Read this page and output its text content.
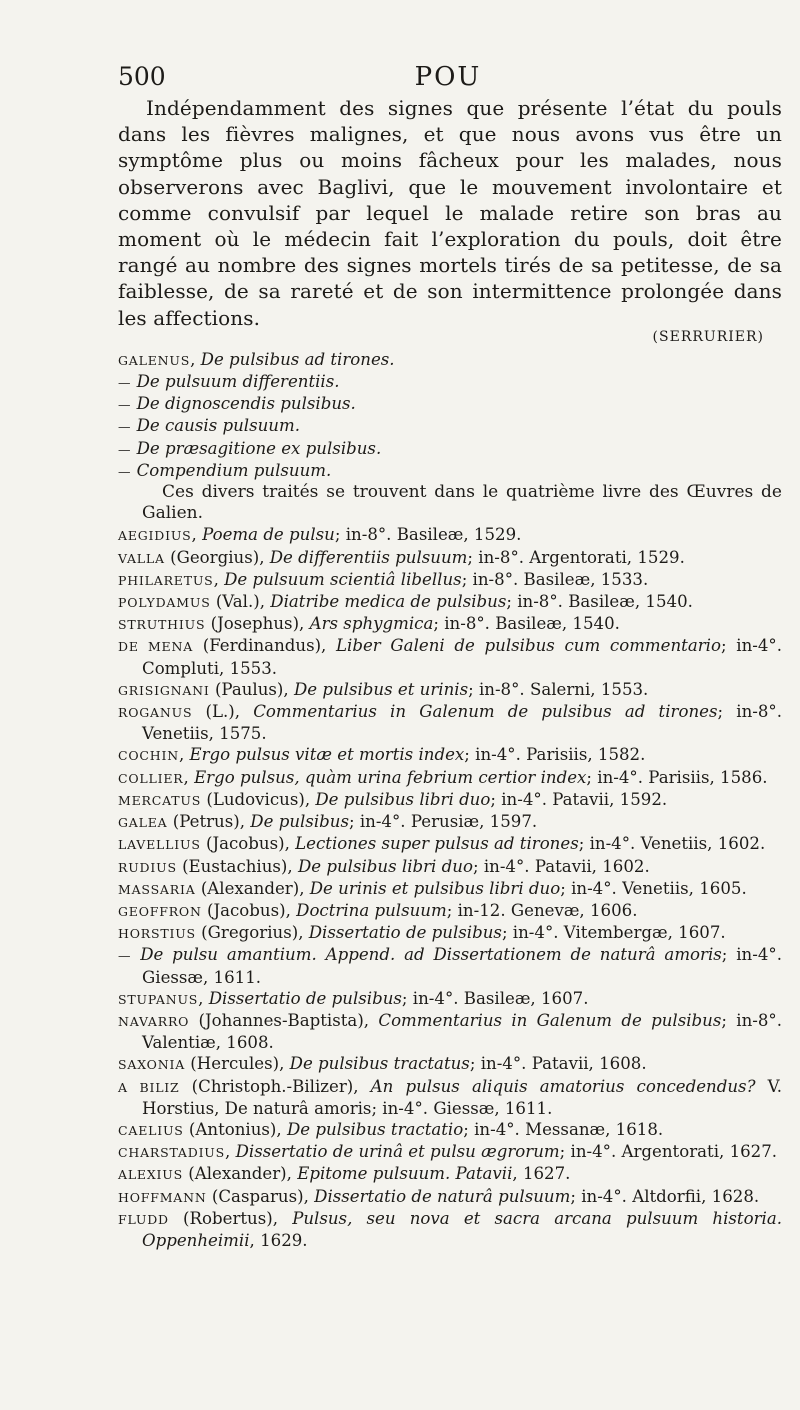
500	POU

Indépendamment des signes que présente l’état du pouls dans les fièvres malignes, et que nous avons vus être un symptôme plus ou moins fâcheux pour les malades, nous observerons avec Baglivi, que le mouvement involontaire et comme convulsif par lequel le malade retire son bras au moment où le médecin fait l’exploration du pouls, doit être rangé au nombre des signes mortels tirés de sa petitesse, de sa faiblesse, de sa rareté et de son intermittence prolongée dans les affections.

(SERRURIER)
GALENUS, De pulsibus ad tirones.
— De pulsuum differentiis.
— De dignoscendis pulsibus.
— De causis pulsuum.
— De præsagitione ex pulsibus.
— Compendium pulsuum.
Ces divers traités se trouvent dans le quatrième livre des Œuvres de Galien.
AEGIDIUS, Poema de pulsu; in-8°. Basileæ, 1529.
VALLA (Georgius), De differentiis pulsuum; in-8°. Argentorati, 1529.
PHILARETUS, De pulsuum scientiâ libellus; in-8°. Basileæ, 1533.
POLYDAMUS (Val.), Diatribe medica de pulsibus; in-8°. Basileæ, 1540.
STRUTHIUS (Josephus), Ars sphygmica; in-8°. Basileæ, 1540.
DE MENA (Ferdinandus), Liber Galeni de pulsibus cum commentario; in-4°. Compluti, 1553.
GRISIGNANI (Paulus), De pulsibus et urinis; in-8°. Salerni, 1553.
ROGANUS (L.), Commentarius in Galenum de pulsibus ad tirones; in-8°. Venetiis, 1575.
COCHIN, Ergo pulsus vitæ et mortis index; in-4°. Parisiis, 1582.
COLLIER, Ergo pulsus, quàm urina febrium certior index; in-4°. Parisiis, 1586.
MERCATUS (Ludovicus), De pulsibus libri duo; in-4°. Patavii, 1592.
GALEA (Petrus), De pulsibus; in-4°. Perusiæ, 1597.
LAVELLIUS (Jacobus), Lectiones super pulsus ad tirones; in-4°. Venetiis, 1602.
RUDIUS (Eustachius), De pulsibus libri duo; in-4°. Patavii, 1602.
MASSARIA (Alexander), De urinis et pulsibus libri duo; in-4°. Venetiis, 1605.
GEOFFRON (Jacobus), Doctrina pulsuum; in-12. Genevæ, 1606.
HORSTIUS (Gregorius), Dissertatio de pulsibus; in-4°. Vitembergæ, 1607.
— De pulsu amantium. Append. ad Dissertationem de naturâ amoris; in-4°. Giessæ, 1611.
STUPANUS, Dissertatio de pulsibus; in-4°. Basileæ, 1607.
NAVARRO (Johannes-Baptista), Commentarius in Galenum de pulsibus; in-8°. Valentiæ, 1608.
SAXONIA (Hercules), De pulsibus tractatus; in-4°. Patavii, 1608.
A BILIZ (Christoph.-Bilizer), An pulsus aliquis amatorius concedendus? V. Horstius, De naturâ amoris; in-4°. Giessæ, 1611.
CAELIUS (Antonius), De pulsibus tractatio; in-4°. Messanæ, 1618.
CHARSTADIUS, Dissertatio de urinâ et pulsu ægrorum; in-4°. Argentorati, 1627.
ALEXIUS (Alexander), Epitome pulsuum. Patavii, 1627.
HOFFMANN (Casparus), Dissertatio de naturâ pulsuum; in-4°. Altdorfii, 1628.
FLUDD (Robertus), Pulsus, seu nova et sacra arcana pulsuum historia. Oppenheimii, 1629.
